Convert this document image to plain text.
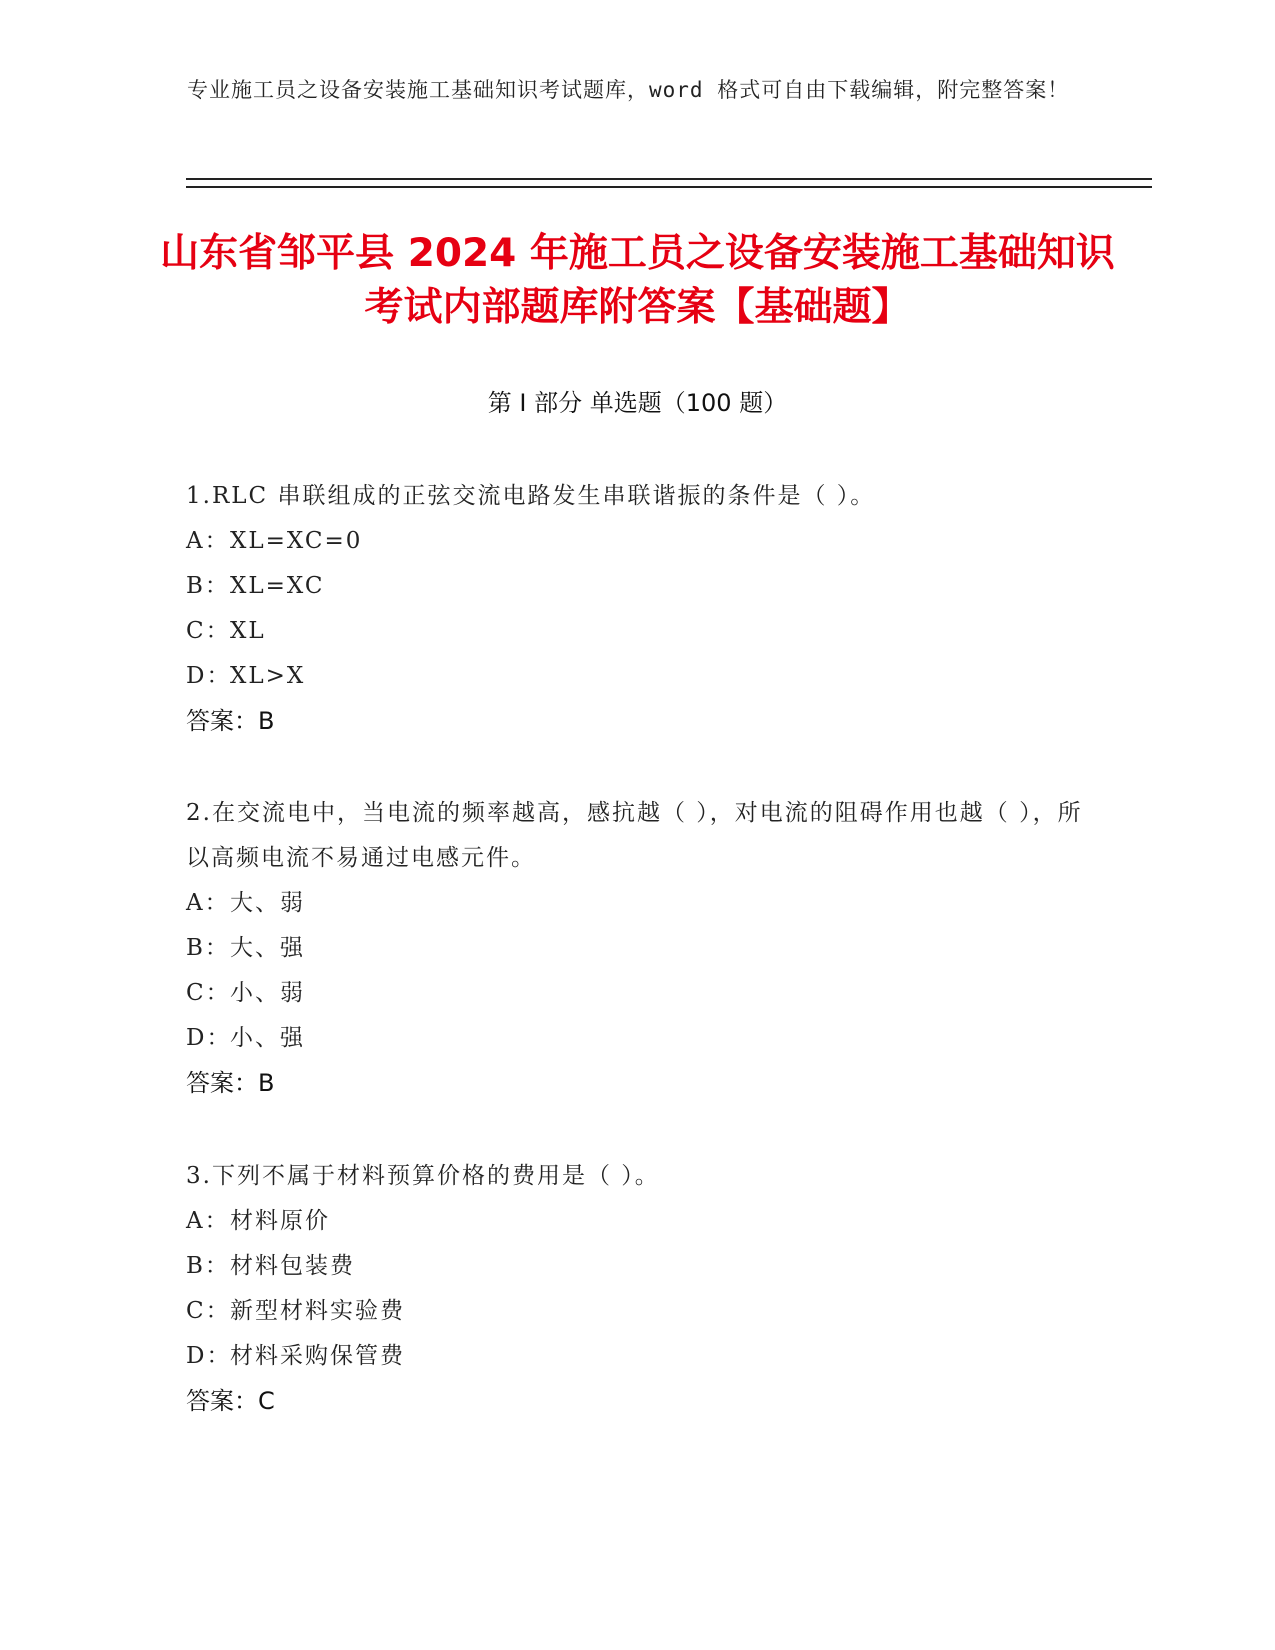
专业施工员之设备安装施工基础知识考试题库，word 格式可自由下载编辑，附完整答案！
山东省邹平县 2024 年施工员之设备安装施工基础知识考试内部题库附答案【基础题】
第 I 部分 单选题（100 题）
1.RLC 串联组成的正弦交流电路发生串联谐振的条件是（ ）。
A： XL=XC=0
B： XL=XC
C： XL
D：
XL>X
答案：B
2.在交流电中，当电流的频率越高，感抗越（ ），对电流的阻碍作用也越（ ），所以高频电流不易通过电感元件。
A： 大、弱
B： 大、强
C： 小、弱
D：
小、强
答案：B
3.下列不属于材料预算价格的费用是（ ）。
A： 材料原价
B： 材料包装费
C： 新型材料实验费
D：
材料采购保管费
答案：C
